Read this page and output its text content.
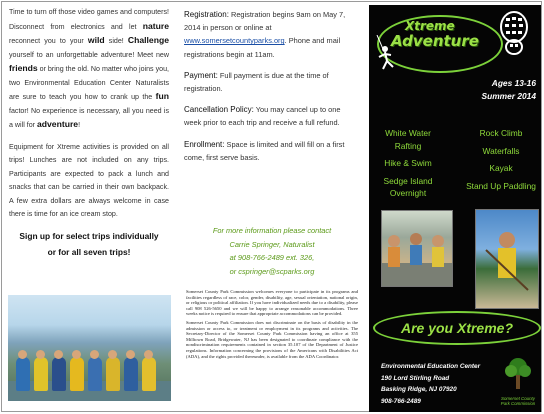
Time to turn off those video games and computers! Disconnect from electronics and let nature reconnect you to your wild side! Challenge yourself to an unforgettable adventure! Meet new friends or bring the old. No matter who joins you, two Environmental Education Center Naturalists are sure to teach you how to crank up the fun factor! No experience is necessary, all you need is a will for adventure!

Equipment for Xtreme activities is provided on all trips! Lunches are not included on any trips. Participants are expected to pack a lunch and snacks that can be carried in their own backpack. A few extra dollars are always welcome in case there is time for an ice cream stop.

Sign up for select trips individually
or for all seven trips!

Registration: Registration begins 9am on May 7, 2014 in person or online at www.somersetcountyparks.org. Phone and mail registrations begin at 11am.

Payment: Full payment is due at the time of registration.

Cancellation Policy: You may cancel up to one week prior to each trip and receive a full refund.

Enrollment: Space is limited and will fill on a first come, first serve basis.

For more information please contact
Carrie Springer, Naturalist
at 908-766-2489 ext. 326,
or cspringer@scparks.org

Somerset County Park Commission welcomes everyone to participate in its programs and facilities regardless of race, color, gender, disability, age, sexual orientation, national origin, or religious or political affiliation. If you have individualized needs due to a disability, please call 908 526-5650 and we will be happy to arrange reasonable accommodations. Three weeks notice is required to ensure that appropriate accommodations can be provided.

Somerset County Park Commission does not discriminate on the basis of disability in the admission or access to, or treatment or employment in its programs and activities. The Secretary-Director of the Somerset County Park Commission having an office at 355 Milltown Road, Bridgewater, NJ has been designated to coordinate compliance with the nondiscrimination requirements contained in section 35.107 of the Department of Justice regulations. Information concerning the provisions of the Americans with Disabilities Act (ADA), and the rights provided thereunder, is available from the ADA Coordinator.

Xtreme
Adventure
Ages 13-16
Summer 2014
White Water Rafting
Hike & Swim
Sedge Island Overnight
Rock Climb
Waterfalls
Kayak
Stand Up Paddling
Are you Xtreme?
Environmental Education Center
190 Lord Stirling Road
Basking Ridge, NJ 07920
908-766-2489	Somerset County
Park Commission
